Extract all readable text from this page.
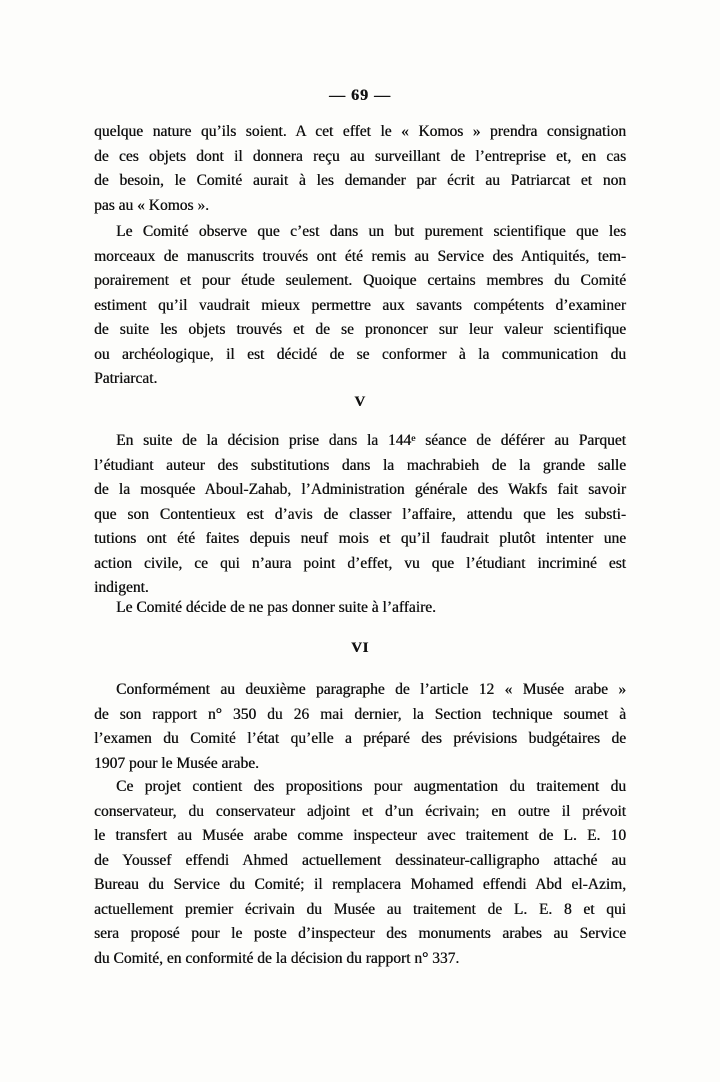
— 69 —
quelque nature qu’ils soient. A cet effet le « Komos » prendra consignation
de ces objets dont il donnera reçu au surveillant de l’entreprise et, en cas
de besoin, le Comité aurait à les demander par écrit au Patriarcat et non
pas au « Komos ».
Le Comité observe que c’est dans un but purement scientifique que les
morceaux de manuscrits trouvés ont été remis au Service des Antiquités, tem-
porairement et pour étude seulement. Quoique certains membres du Comité
estiment qu’il vaudrait mieux permettre aux savants compétents d’examiner
de suite les objets trouvés et de se prononcer sur leur valeur scientifique
ou archéologique, il est décidé de se conformer à la communication du
Patriarcat.
V
En suite de la décision prise dans la 144e séance de déférer au Parquet
l’étudiant auteur des substitutions dans la machrabieh de la grande salle
de la mosquée Aboul-Zahab, l’Administration générale des Wakfs fait savoir
que son Contentieux est d’avis de classer l’affaire, attendu que les substi-
tutions ont été faites depuis neuf mois et qu’il faudrait plutôt intenter une
action civile, ce qui n’aura point d’effet, vu que l’étudiant incriminé est
indigent.
Le Comité décide de ne pas donner suite à l’affaire.
VI
Conformément au deuxième paragraphe de l’article 12 « Musée arabe »
de son rapport n° 350 du 26 mai dernier, la Section technique soumet à
l’examen du Comité l’état qu’elle a préparé des prévisions budgétaires de
1907 pour le Musée arabe.
Ce projet contient des propositions pour augmentation du traitement du
conservateur, du conservateur adjoint et d’un écrivain; en outre il prévoit
le transfert au Musée arabe comme inspecteur avec traitement de L. E. 10
de Youssef effendi Ahmed actuellement dessinateur-calligrapho attaché au
Bureau du Service du Comité; il remplacera Mohamed effendi Abd el-Azim,
actuellement premier écrivain du Musée au traitement de L. E. 8 et qui
sera proposé pour le poste d’inspecteur des monuments arabes au Service
du Comité, en conformité de la décision du rapport n° 337.
